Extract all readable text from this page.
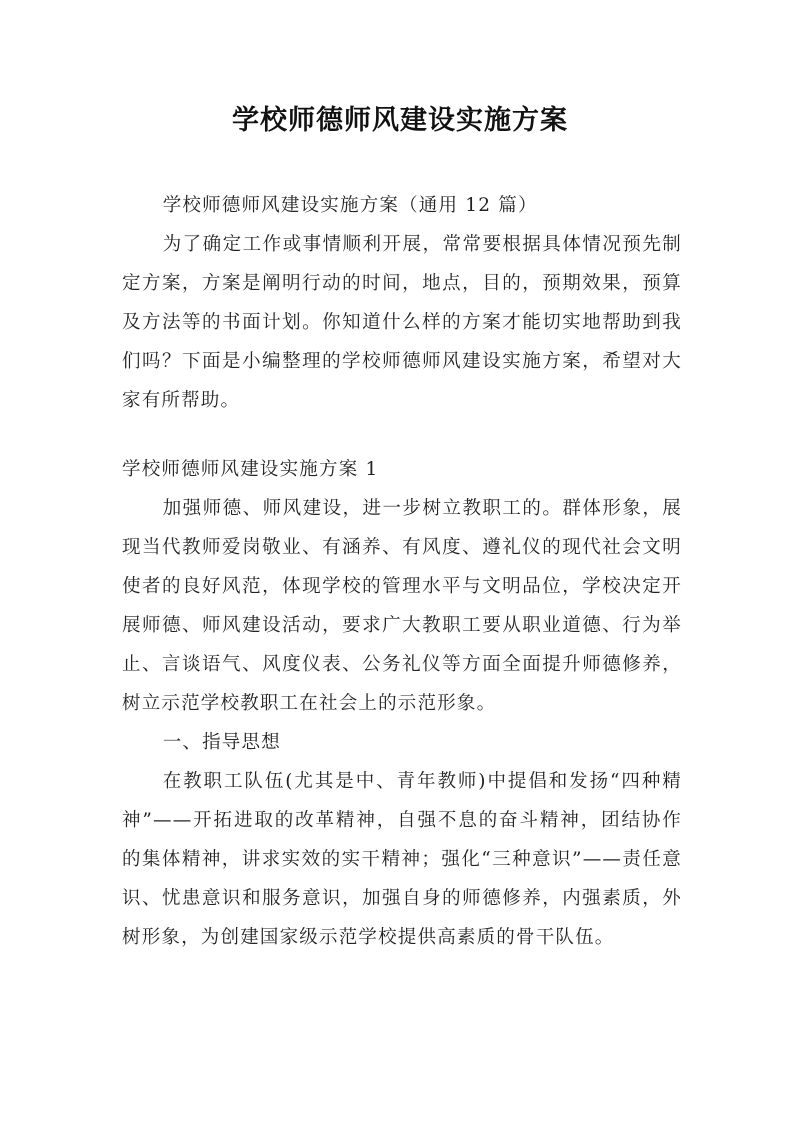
学校师德师风建设实施方案

学校师德师风建设实施方案（通用 12 篇）

为了确定工作或事情顺利开展，常常要根据具体情况预先制定方案，方案是阐明行动的时间，地点，目的，预期效果，预算及方法等的书面计划。你知道什么样的方案才能切实地帮助到我们吗？下面是小编整理的学校师德师风建设实施方案，希望对大家有所帮助。

学校师德师风建设实施方案 1

加强师德、师风建设，进一步树立教职工的。群体形象，展现当代教师爱岗敬业、有涵养、有风度、遵礼仪的现代社会文明使者的良好风范，体现学校的管理水平与文明品位，学校决定开展师德、师风建设活动，要求广大教职工要从职业道德、行为举止、言谈语气、风度仪表、公务礼仪等方面全面提升师德修养，树立示范学校教职工在社会上的示范形象。

一、指导思想

在教职工队伍(尤其是中、青年教师)中提倡和发扬“四种精神”——开拓进取的改革精神，自强不息的奋斗精神，团结协作的集体精神，讲求实效的实干精神；强化“三种意识”——责任意识、忧患意识和服务意识，加强自身的师德修养，内强素质，外树形象，为创建国家级示范学校提供高素质的骨干队伍。
